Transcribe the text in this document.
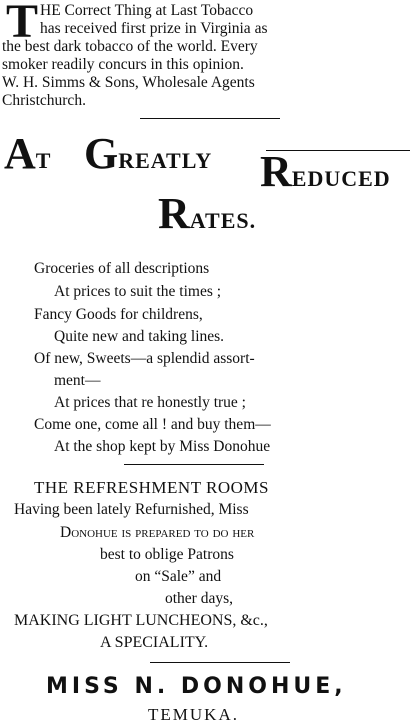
T HE Correct Thing at Last Tobacco
has received first prize in Virginia as
the best dark tobacco of the world. Every
smoker readily concurs in this opinion.
W. H. Simms & Sons, Wholesale Agents
Christchurch.
AT GREATLY REDUCED
RATES.
Groceries of all descriptions
At prices to suit the times ;
Fancy Goods for childrens,
Quite new and taking lines.
Of new, Sweets—a splendid assort-
ment—
At prices that re honestly true ;
Come one, come all ! and buy them—
At the shop kept by Miss Donohue
THE REFRESHMENT ROOMS
Having been lately Refurnished, Miss
Donohue is prepared to do her
best to oblige Patrons
on “Sale” and
other days,
MAKING LIGHT LUNCHEONS, &c.,
A SPECIALITY.
MISS N. DONOHUE,
TEMUKA.
